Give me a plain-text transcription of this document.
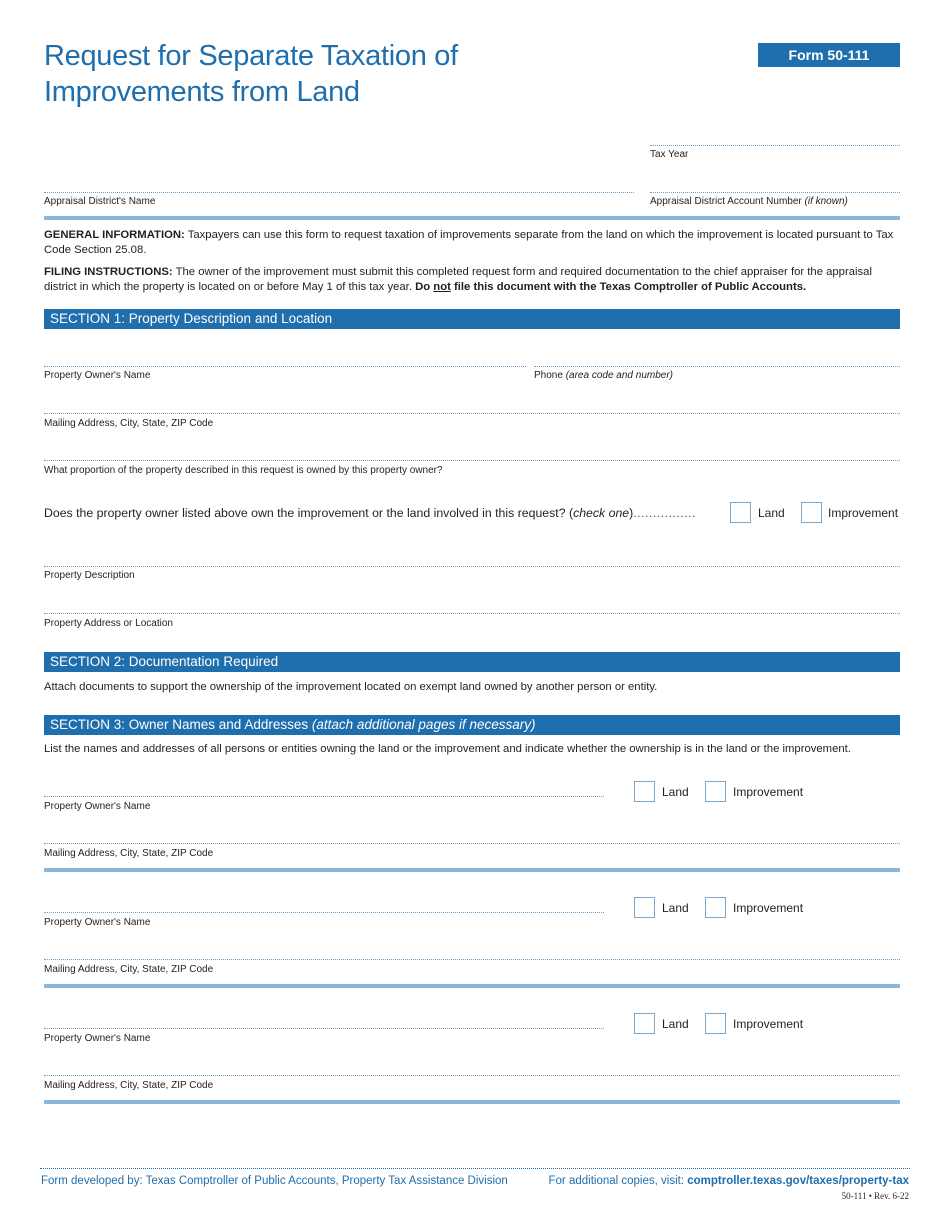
Request for Separate Taxation of
Improvements from Land
Form 50-111
Tax Year
Appraisal District's Name	Appraisal District Account Number (if known)
GENERAL INFORMATION: Taxpayers can use this form to request taxation of improvements separate from the land on which the improvement is located pursuant to Tax Code Section 25.08.
FILING INSTRUCTIONS: The owner of the improvement must submit this completed request form and required documentation to the chief appraiser for the appraisal district in which the property is located on or before May 1 of this tax year. Do not file this document with the Texas Comptroller of Public Accounts.
SECTION 1: Property Description and Location
Property Owner's Name	Phone (area code and number)
Mailing Address, City, State, ZIP Code
What proportion of the property described in this request is owned by this property owner?
Does the property owner listed above own the improvement or the land involved in this request? (check one)................	Land	Improvement
Property Description
Property Address or Location
SECTION 2: Documentation Required
Attach documents to support the ownership of the improvement located on exempt land owned by another person or entity.
SECTION 3: Owner Names and Addresses (attach additional pages if necessary)
List the names and addresses of all persons or entities owning the land or the improvement and indicate whether the ownership is in the land or the improvement.
Property Owner's Name
Land	Improvement
Mailing Address, City, State, ZIP Code
Property Owner's Name
Land	Improvement
Mailing Address, City, State, ZIP Code
Property Owner's Name
Land	Improvement
Mailing Address, City, State, ZIP Code
Form developed by: Texas Comptroller of Public Accounts, Property Tax Assistance Division	For additional copies, visit: comptroller.texas.gov/taxes/property-tax
50-111 • Rev. 6-22
